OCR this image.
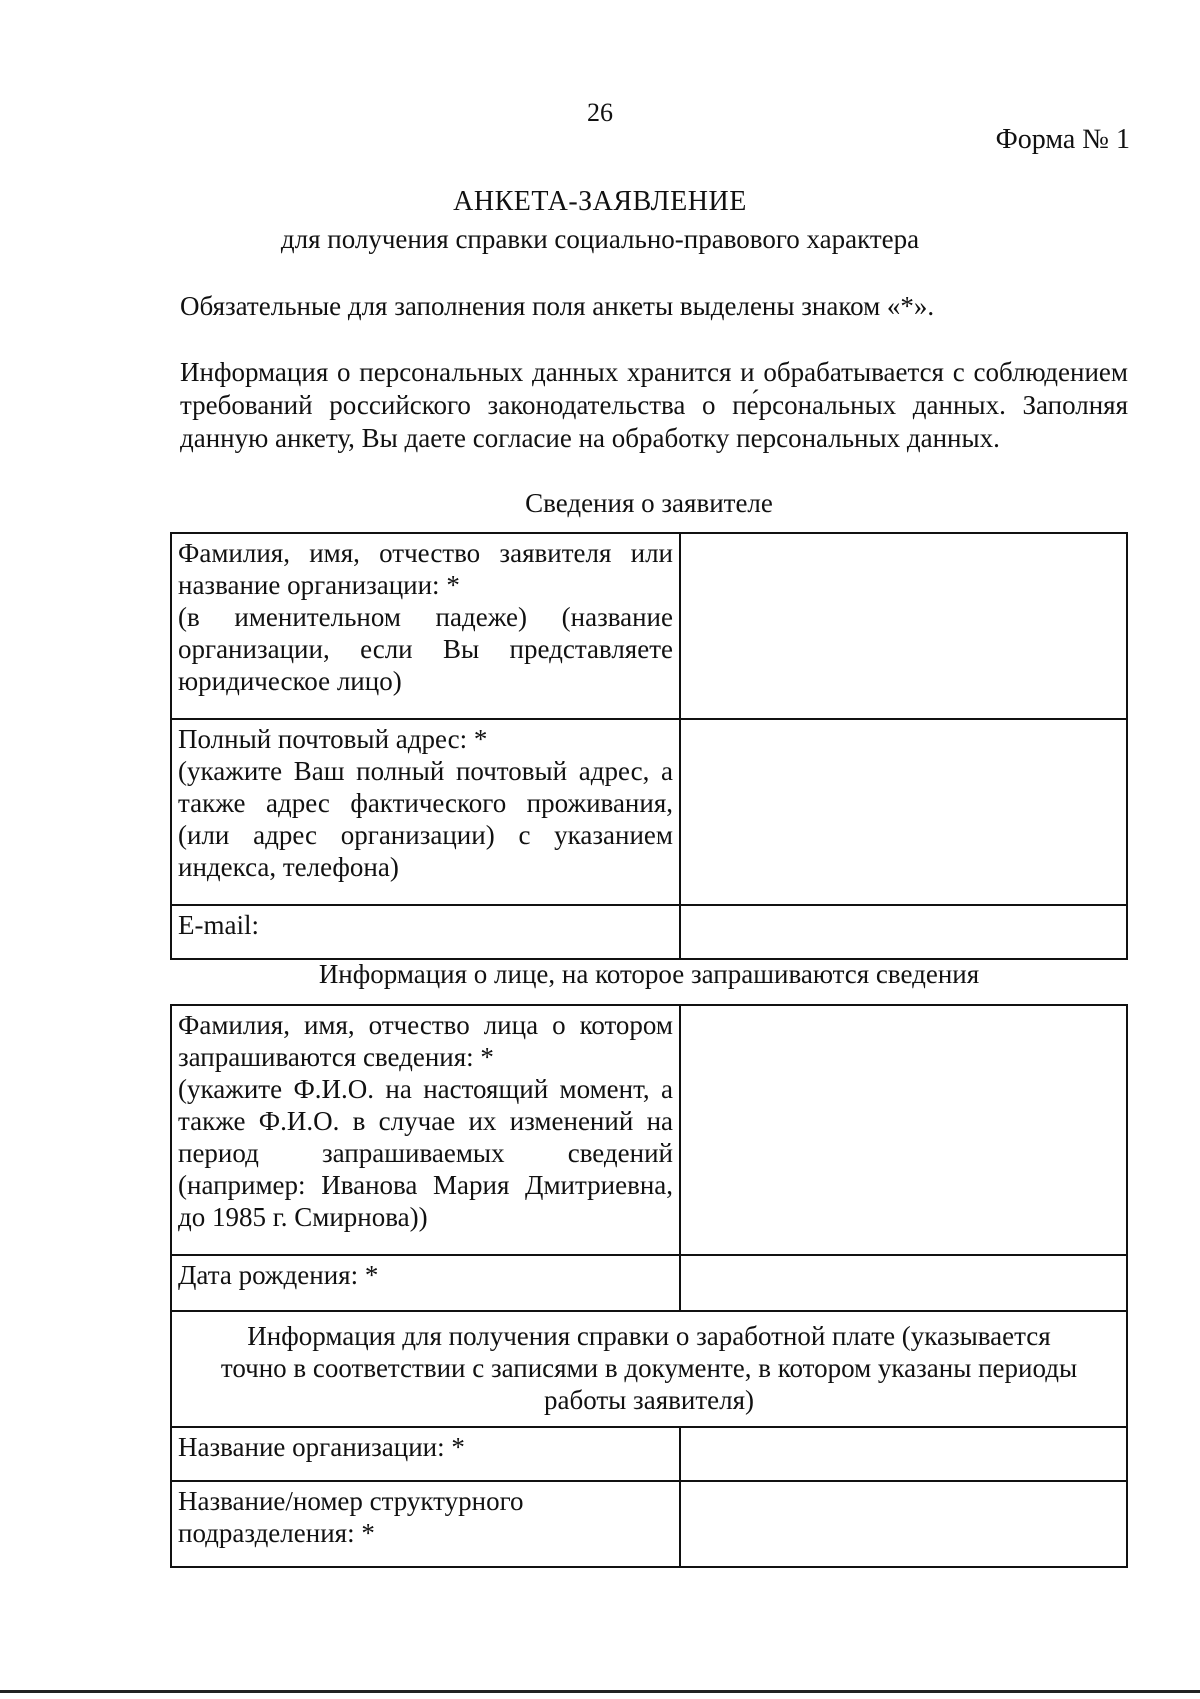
26
Форма № 1
АНКЕТА-ЗАЯВЛЕНИЕ
для получения справки социально-правового характера
Обязательные для заполнения поля анкеты выделены знаком «*».
Информация о персональных данных хранится и обрабатывается с соблюдением требований российского законодательства о пе́рсональных данных. Заполняя данную анкету, Вы даете согласие на обработку персональных данных.
Сведения о заявителе
Фамилия, имя, отчество заявителя или название организации: *
(в именительном падеже) (название организации, если Вы представляете юридическое лицо)	

Полный почтовый адрес: *
(укажите Ваш полный почтовый адрес, а также адрес фактического проживания, (или адрес организации) с указанием индекса, телефона)	

E-mail:	
Информация о лице, на которое запрашиваются сведения
Фамилия, имя, отчество лица о котором запрашиваются сведения: *
(укажите Ф.И.О. на настоящий момент, а также Ф.И.О. в случае их изменений на период запрашиваемых сведений (например: Иванова Мария Дмитриевна, до 1985 г. Смирнова))	

Дата рождения: *	
Информация для получения справки о заработной плате (указывается точно в соответствии с записями в документе, в котором указаны периоды работы заявителя)	
Название организации: *	
Название/номер структурного подразделения: *	
